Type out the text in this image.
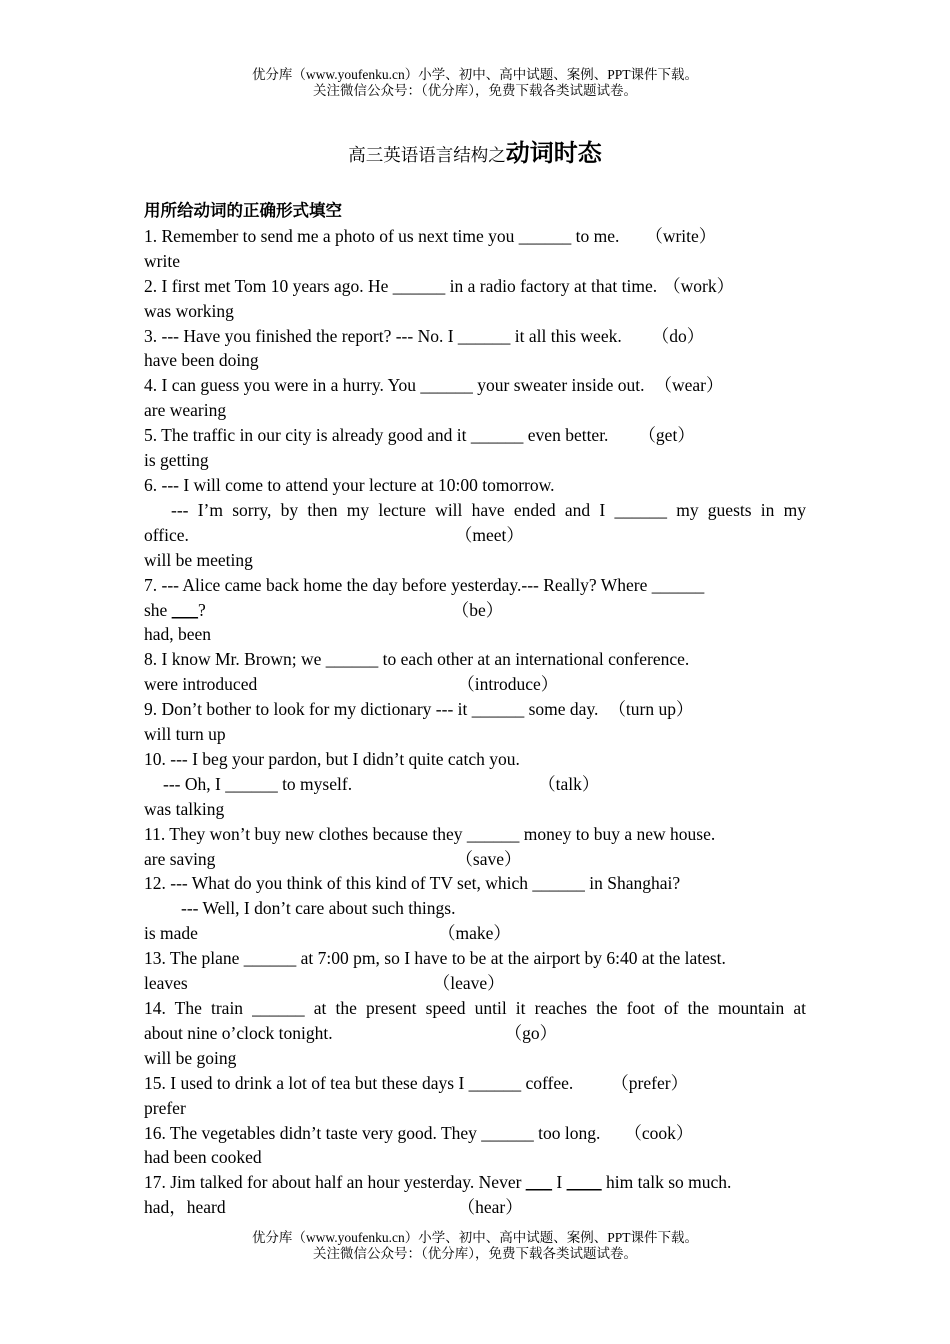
优分库（www.youfenku.cn）小学、初中、高中试题、案例、PPT课件下载。
关注微信公众号：（优分库），免费下载各类试题试卷。
高三英语语言结构之动词时态
用所给动词的正确形式填空
1. Remember to send me a photo of us next time you ______ to me. （write）
write
2. I first met Tom 10 years ago. He ______ in a radio factory at that time. （work）
was working
3. --- Have you finished the report? --- No. I ______ it all this week. （do）
have been doing
4. I can guess you were in a hurry. You ______ your sweater inside out. （wear）
are wearing
5. The traffic in our city is already good and it ______ even better. （get）
is getting
6. --- I will come to attend your lecture at 10:00 tomorrow.
--- I’m sorry, by then my lecture will have ended and I ______ my guests in my
office.	（meet）
will be meeting
7. --- Alice came back home the day before yesterday.--- Really? Where ______
she ___?	（be）
had, been
8. I know Mr. Brown; we ______ to each other at an international conference.
were introduced	（introduce）
9. Don’t bother to look for my dictionary --- it ______ some day. （turn up）
will turn up
10. --- I beg your pardon, but I didn’t quite catch you.
--- Oh, I ______ to myself.	（talk）
was talking
11. They won’t buy new clothes because they ______ money to buy a new house.
are saving	（save）
12. --- What do you think of this kind of TV set, which ______ in Shanghai?
--- Well, I don’t care about such things.
is made	（make）
13. The plane ______ at 7:00 pm, so I have to be at the airport by 6:40 at the latest.
leaves	（leave）
14. The train ______ at the present speed until it reaches the foot of the mountain at
about nine o’clock tonight.	（go）
will be going
15. I used to drink a lot of tea but these days I ______ coffee. （prefer）
prefer
16. The vegetables didn’t taste very good. They ______ too long. （cook）
had been cooked
17. Jim talked for about half an hour yesterday. Never ___ I ____ him talk so much.
had，heard	（hear）
优分库（www.youfenku.cn）小学、初中、高中试题、案例、PPT课件下载。
关注微信公众号：（优分库），免费下载各类试题试卷。
